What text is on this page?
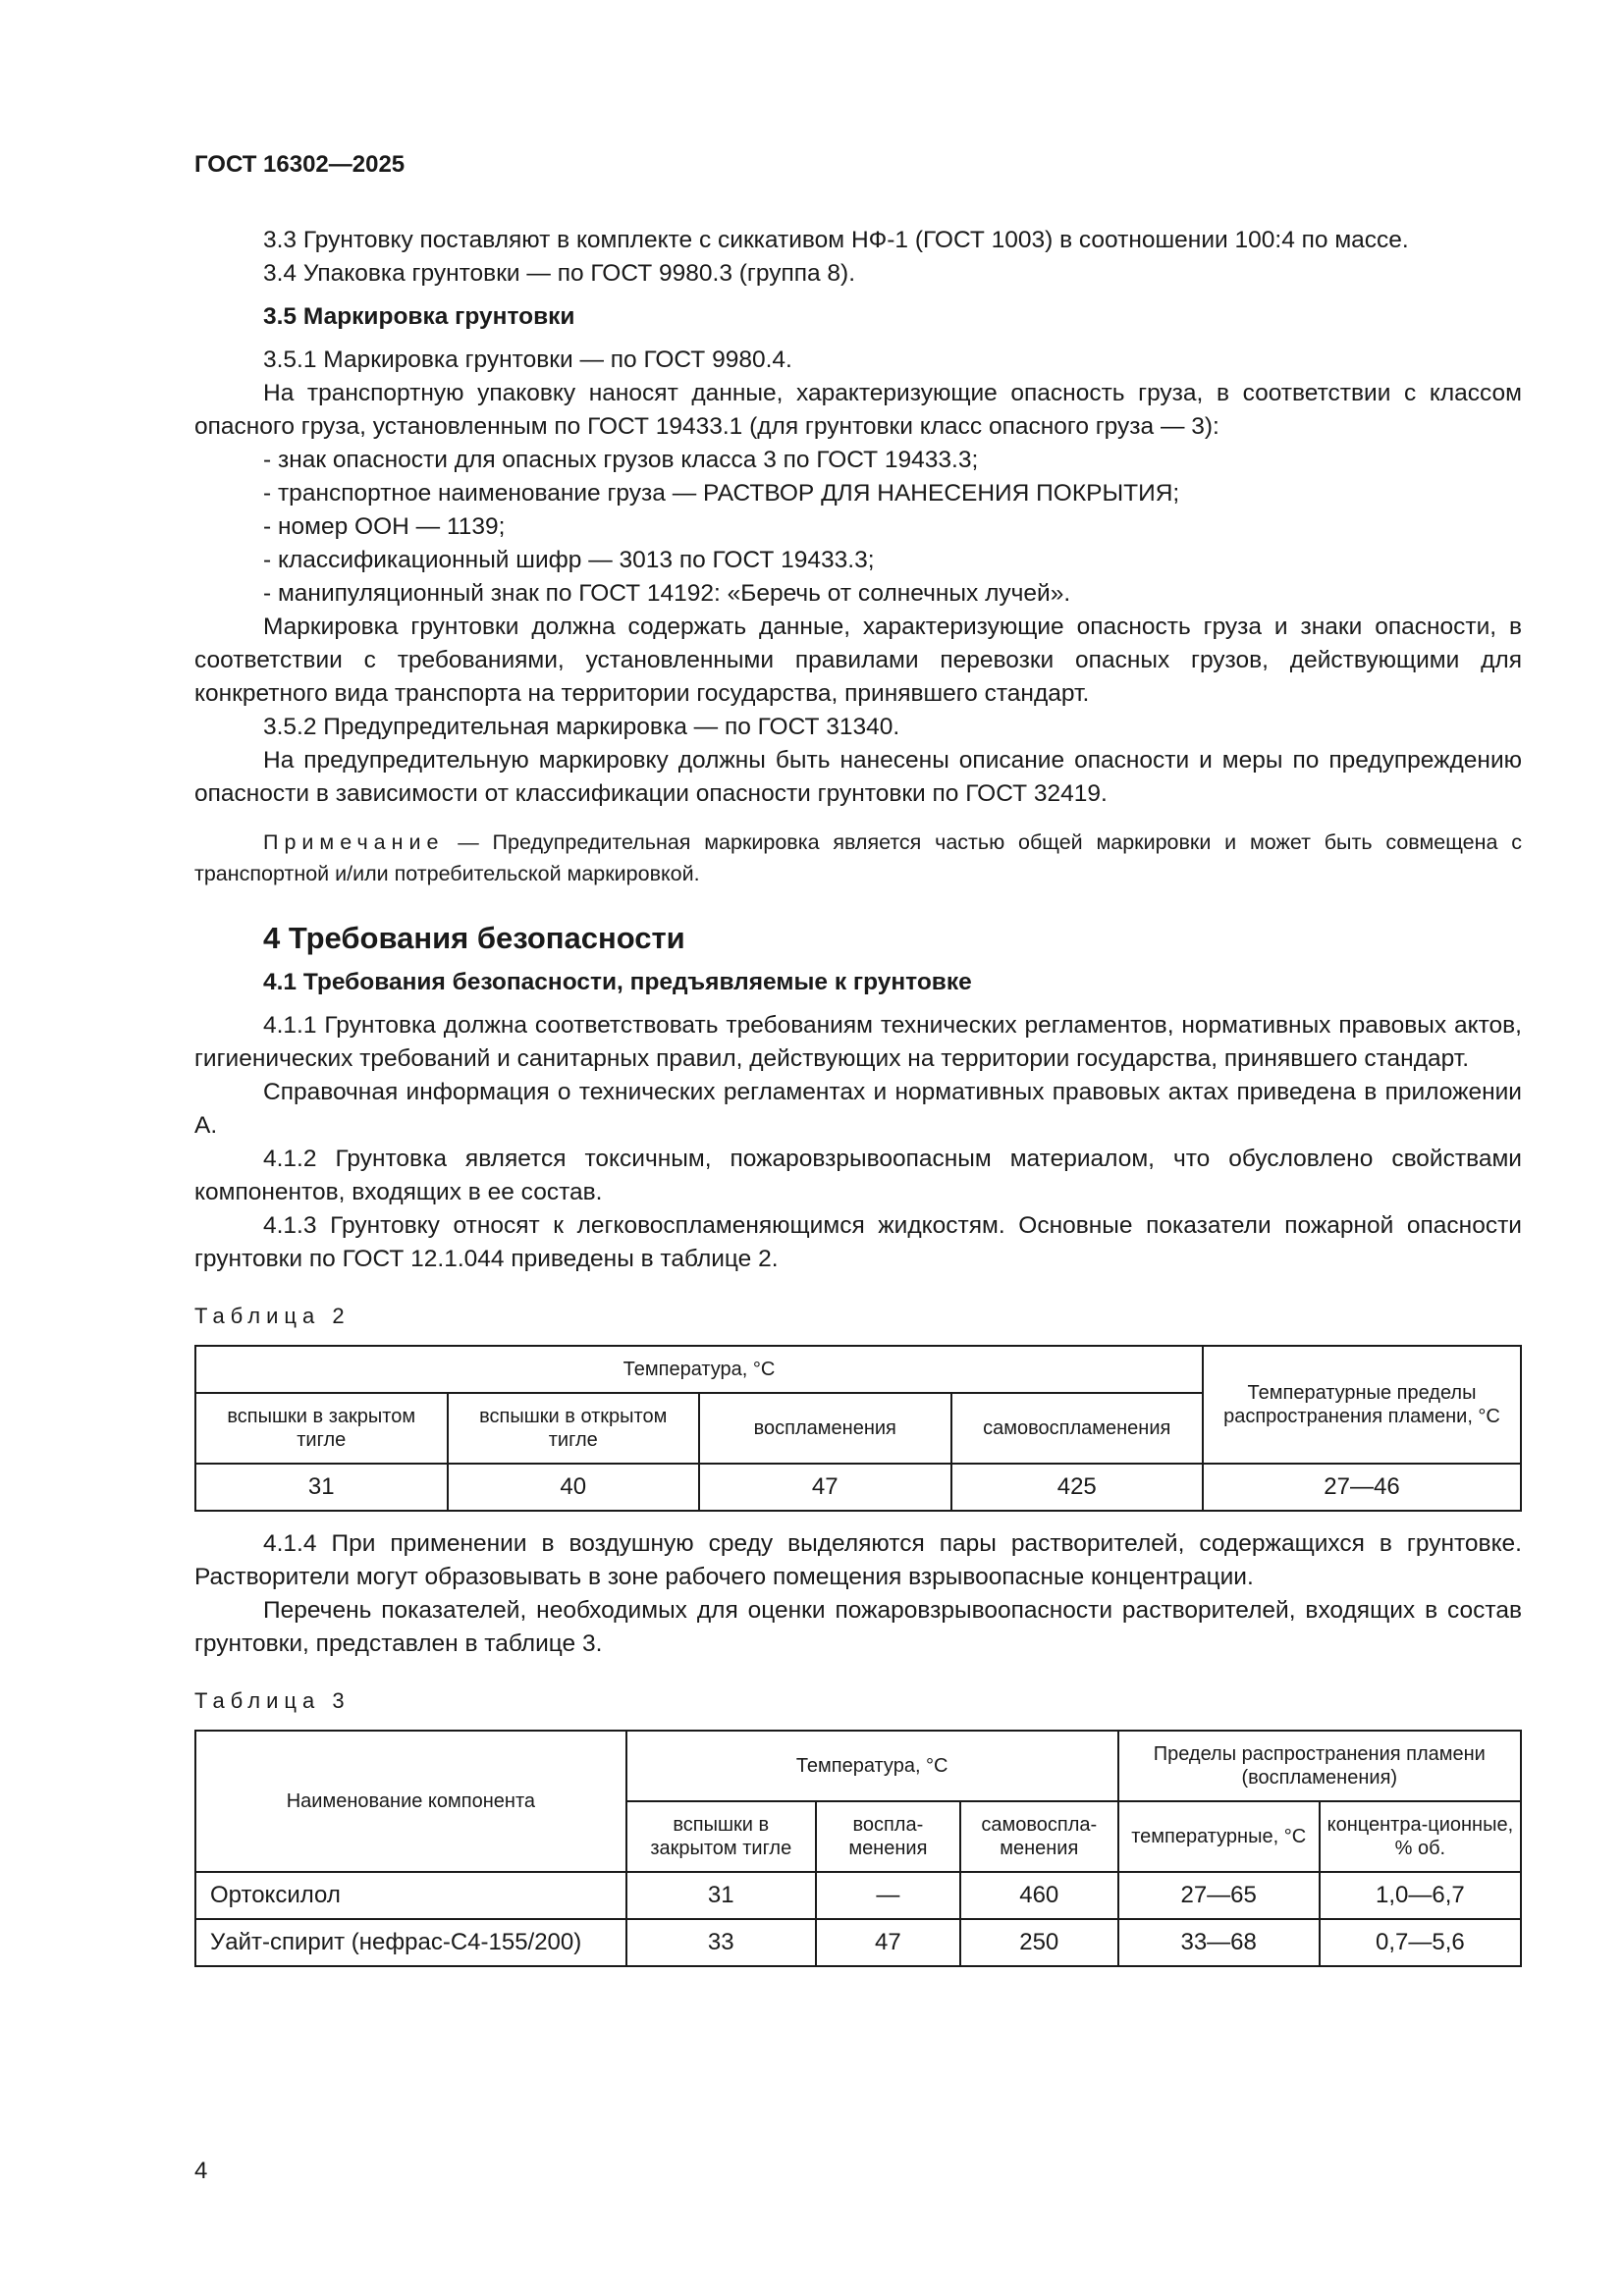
ГОСТ 16302—2025

3.3 Грунтовку поставляют в комплекте с сиккативом НФ-1 (ГОСТ 1003) в соотношении 100:4 по массе.

3.4 Упаковка грунтовки — по ГОСТ 9980.3 (группа 8).

3.5 Маркировка грунтовки

3.5.1 Маркировка грунтовки — по ГОСТ 9980.4.

На транспортную упаковку наносят данные, характеризующие опасность груза, в соответствии с классом опасного груза, установленным по ГОСТ 19433.1 (для грунтовки класс опасного груза — 3):

- знак опасности для опасных грузов класса 3 по ГОСТ 19433.3;

- транспортное наименование груза — РАСТВОР ДЛЯ НАНЕСЕНИЯ ПОКРЫТИЯ;

- номер ООН — 1139;

- классификационный шифр — 3013 по ГОСТ 19433.3;

- манипуляционный знак по ГОСТ 14192: «Беречь от солнечных лучей».

Маркировка грунтовки должна содержать данные, характеризующие опасность груза и знаки опасности, в соответствии с требованиями, установленными правилами перевозки опасных грузов, действующими для конкретного вида транспорта на территории государства, принявшего стандарт.

3.5.2 Предупредительная маркировка — по ГОСТ 31340.

На предупредительную маркировку должны быть нанесены описание опасности и меры по предупреждению опасности в зависимости от классификации опасности грунтовки по ГОСТ 32419.

Примечание — Предупредительная маркировка является частью общей маркировки и может быть совмещена с транспортной и/или потребительской маркировкой.

4 Требования безопасности

4.1 Требования безопасности, предъявляемые к грунтовке

4.1.1 Грунтовка должна соответствовать требованиям технических регламентов, нормативных правовых актов, гигиенических требований и санитарных правил, действующих на территории государства, принявшего стандарт.

Справочная информация о технических регламентах и нормативных правовых актах приведена в приложении А.

4.1.2 Грунтовка является токсичным, пожаровзрывоопасным материалом, что обусловлено свойствами компонентов, входящих в ее состав.

4.1.3 Грунтовку относят к легковоспламеняющимся жидкостям. Основные показатели пожарной опасности грунтовки по ГОСТ 12.1.044 приведены в таблице 2.

Таблица 2

Температура, °C				Температурные пределы распространения пламени, °C
вспышки в закрытом тигле	вспышки в открытом тигле	воспламенения	самовоспламенения	
31	40	47	425	27—46

4.1.4 При применении в воздушную среду выделяются пары растворителей, содержащихся в грунтовке. Растворители могут образовывать в зоне рабочего помещения взрывоопасные концентрации.

Перечень показателей, необходимых для оценки пожаровзрывоопасности растворителей, входящих в состав грунтовки, представлен в таблице 3.

Таблица 3

Наименование компонента	Температура, °C			Пределы распространения пламени (воспламенения)	
	вспышки в закрытом тигле	воспла-менения	самовоспла-менения	температурные, °C	концентра-ционные, % об.
Ортоксилол	31	—	460	27—65	1,0—6,7
Уайт-спирит (нефрас-С4-155/200)	33	47	250	33—68	0,7—5,6
4
